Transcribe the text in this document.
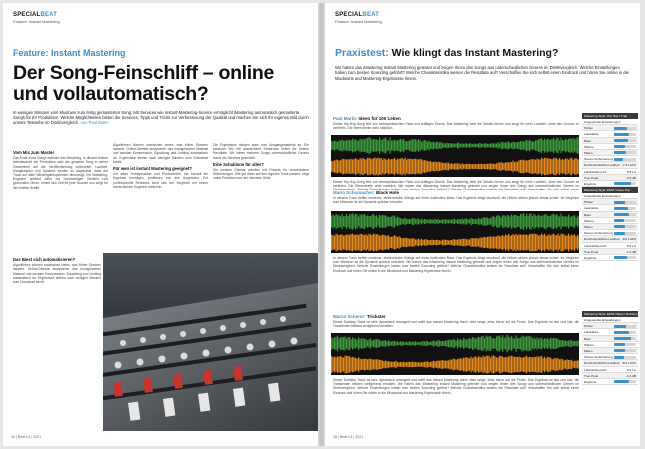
SPECIALBEAT
Feature: Instant Mastering
Feature: Instant Mastering
Der Song-Feinschliff – online und vollautomatisch?
In wenigen Minuten vom Mixdown zum fertig gemasterten Song: Mit Services wie Instant-Mastering-Service ermöglicht iMastering automatisch gemasterte Songs für Ihr Produktion. Welche Möglichkeiten bieten die Services, Tipps und Tricks zur Verbesserung der Qualität und machen Sie sich Ihr eigenes Bild durch unsere Testreihe im Direktvergleich. von Paul Marin
Vom Mix zum Master

Das Ende eines Songs markiert das Mastering. In diesem letzten Arbeitsschritt der Produktion wird der gesamte Song in seiner Gesamtheit auf die Veröffentlichung vorbereitet. Lautheit, Klangbalance und Dynamik werden so angepasst, dass der Track auf allen Wiedergabesystemen überzeugt. Ein Mastering-Engineer arbeitet dafür mit hochwertigen Geräten und geschulten Ohren, nimmt sich Zeit für jede Nuance und sorgt für den letzten Schliff.

Algorithmen können inzwischen vieles, was früher Stunden dauerte. Online-Dienste analysieren das hochgeladene Material und wenden Kompression, Equalizing und Limiting automatisch an. Ergebnisse stehen nach wenigen Minuten zum Download bereit.

Für wen ist instant Mastering geeignet?

Vor allem Hobbymusiker und Produzenten, die schnell ein Ergebnis benötigen, profitieren von den Angeboten. Für professionelle Releases lohnt sich der Vergleich mit einem menschlichen Engineer weiterhin.

Die Ergebnisse hängen stark vom Ausgangsmaterial ab. Ein sauberer Mix mit ausreichend Headroom liefert die besten Resultate. Wir haben mehrere Songs unterschiedlicher Genres durch die Services geschickt.

Eine Schablone für alles?

Die meisten Dienste arbeiten mit Presets für verschiedene Stilrichtungen. Wie gut diese auf den eigenen Track passen, zeigt unser Praxistest auf der nächsten Seite.

Das Biest sich automatisieren?

Algorithmen können inzwischen vieles, was früher Stunden dauerte. Online-Dienste analysieren das hochgeladene Material und wenden Kompression, Equalizing und Limiting automatisch an. Ergebnisse stehen nach wenigen Minuten zum Download bereit.

26 | Beat 01 | 2021
SPECIALBEAT
Feature: Instant Mastering
Praxistest: Wie klingt das Instant Mastering?
Wir haben das iMastering Instant Mastering getestet und zeigen Ihnen drei Songs aus unterschiedlichen Genres im Direktvergleich. Welche Einstellungen haben zum besten Sounding geführt? Welche Charakteristika weisen die Resultate auf? Verschaffen Sie sich selbst einen Eindruck und hören Sie online in die Mixdowns und Mastering-Ergebnisse hinein.
26 | Beat 01 | 2021
Paul Marin: Ideen für 100 Leben
Dieser Hip-Hop-Song lebt von atmosphärischen Pads und kräftigen Drums. Das Mastering hebt die Details hervor und sorgt für mehr Lautheit, ohne den Groove zu verlieren. Die Stereobreite wirkt natürlich.
Dieser Hip-Hop-Song lebt von atmosphärischen Pads und kräftigen Drums. Das Mastering hebt die Details hervor und sorgt für mehr Lautheit, ohne den Groove zu verlieren. Die Stereobreite wirkt natürlich. Wir haben das iMastering Instant Mastering getestet und zeigen Ihnen drei Songs aus unterschiedlichen Genres im
Mastering Style: Hip-Hop / Trap
Angewandte Einstellungen
Höhen
Lautstärke
Bass
Wärme
Mitten
Stereo-Verbreiterung
Durchschnittliche Lautheit -7.9 LUFS
Lautheitsbereich	6.8 LU
True Peak	-0.5 dB
Ergebnis
Mario Schumacher: Black Hole
In diesem Track treffen moderne, elektronische Klänge auf einen kraftvollen Bass. Das Ergebnis klingt druckvoll, die Höhen wirken jedoch etwas scharf. Im Vergleich zum Mixdown ist die Dynamik spürbar reduziert.
In diesem Track treffen moderne, elektronische Klänge auf einen kraftvollen Bass. Das Ergebnis klingt druckvoll, die Höhen wirken jedoch etwas scharf. Im Vergleich zum Mixdown ist die Dynamik spürbar reduziert. Wir haben das iMastering Instant Mastering getestet und zeigen Ihnen drei Songs aus unterschiedlichen Genres im Direktvergleich. Welche Einstellungen haben zum besten Sounding geführt? Welche Charakteristika weisen die Resultate auf? Verschaffen Sie sich selbst einen Eindruck und hören Sie online in die Mixdowns und Mastering-Ergebnisse hinein.
Mastering Style: EDM / Deep Pop
Angewandte Einstellungen
Höhen
Lautstärke
Bass
Wärme
Mitten
Stereo-Verbreiterung
Durchschnittliche Lautheit -8.6 LUFS
Lautheitsbereich	5.6 LU
True Peak	-1.0 dB
Ergebnis
Marco Scherer: Trickster
Dieser Dubstep-Track ist sehr dynamisch arrangiert und stellt das Instant Mastering durch viele lange, leise Intros auf die Probe. Das Ergebnis ist laut und klar, die Transienten bleiben weitgehend erhalten.
Dieser Dubstep-Track ist sehr dynamisch arrangiert und stellt das Instant Mastering durch viele lange, leise Intros auf die Probe. Das Ergebnis ist laut und klar, die Transienten bleiben weitgehend erhalten. Wir haben das iMastering Instant Mastering getestet und zeigen Ihnen drei Songs aus unterschiedlichen Genres im Direktvergleich. Welche Einstellungen haben zum besten Sounding geführt? Welche Charakteristika weisen die Resultate auf? Verschaffen Sie sich selbst einen Eindruck und hören Sie online in die Mixdowns und Mastering-Ergebnisse hinein.
Mastering Style: EDM / Bass / Dubstep
Angewandte Einstellungen
Höhen
Lautstärke
Bass
Wärme
Mitten
Stereo-Verbreiterung
Durchschnittliche Lautheit -8.6 LUFS
Lautheitsbereich	5.4 LU
True Peak	-0.3 dB
Ergebnis
